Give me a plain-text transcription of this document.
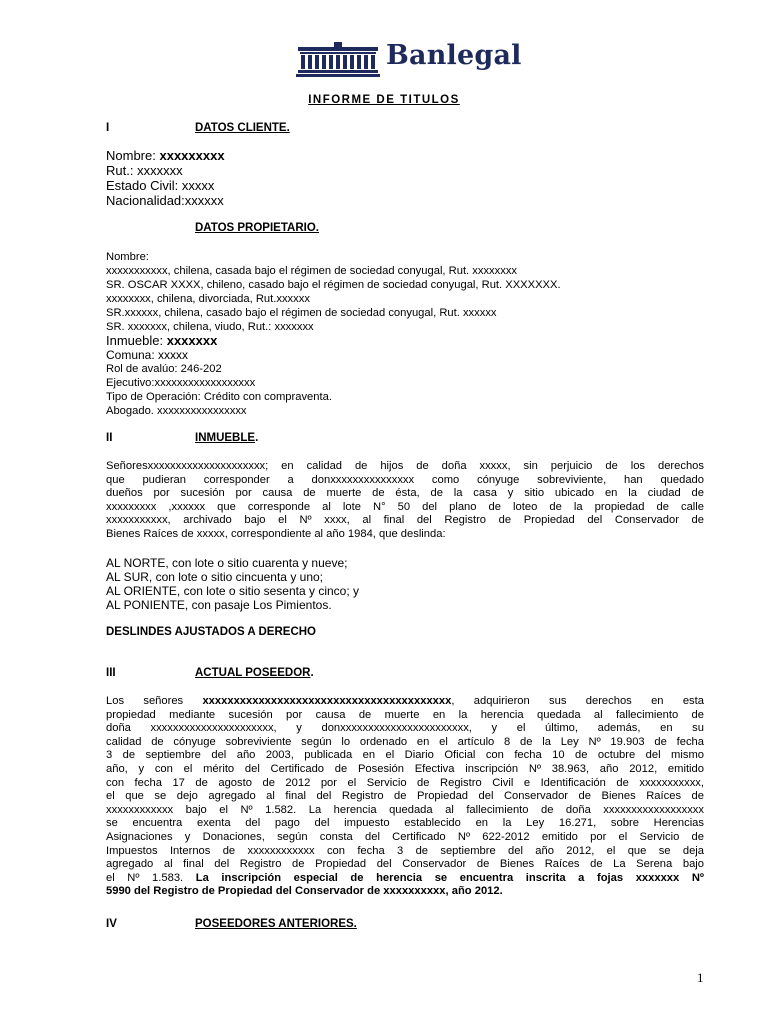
Banlegal
INFORME DE TITULOS
I	DATOS CLIENTE.
Nombre: xxxxxxxxx
Rut.: xxxxxxx
Estado Civil: xxxxx
Nacionalidad:xxxxxx
DATOS PROPIETARIO.
Nombre:
xxxxxxxxxxx, chilena, casada bajo el régimen de sociedad conyugal, Rut. xxxxxxxx
SR. OSCAR XXXX, chileno, casado bajo el régimen de sociedad conyugal, Rut. XXXXXXX.
xxxxxxxx, chilena, divorciada, Rut.xxxxxx
SR.xxxxxx, chilena, casado bajo el régimen de sociedad conyugal, Rut. xxxxxx
SR. xxxxxxx, chilena, viudo, Rut.: xxxxxxx
Inmueble: xxxxxxx
Comuna: xxxxx
Rol de avalúo: 246-202
Ejecutivo:xxxxxxxxxxxxxxxxxx
Tipo de Operación: Crédito con compraventa.
Abogado. xxxxxxxxxxxxxxxx
II	INMUEBLE.
Señoresxxxxxxxxxxxxxxxxxxxxx; en calidad de hijos de doña xxxxx, sin perjuicio de los derechos
que pudieran corresponder a donxxxxxxxxxxxxxxx como cónyuge sobreviviente, han quedado
dueños por sucesión por causa de muerte de ésta, de la casa y sitio ubicado en la ciudad de
xxxxxxxxx ,xxxxxx que corresponde al lote N° 50 del plano de loteo de la propiedad de calle
xxxxxxxxxxx, archivado bajo el Nº xxxx, al final del Registro de Propiedad del Conservador de
Bienes Raíces de xxxxx, correspondiente al año 1984, que deslinda:
AL NORTE, con lote o sitio cuarenta y nueve;
AL SUR, con lote o sitio cincuenta y uno;
AL ORIENTE, con lote o sitio sesenta y cinco; y
AL PONIENTE, con pasaje Los Pimientos.
DESLINDES AJUSTADOS A DERECHO
III	ACTUAL POSEEDOR.
Los señores xxxxxxxxxxxxxxxxxxxxxxxxxxxxxxxxxxxxxxxx, adquirieron sus derechos en esta
propiedad mediante sucesión por causa de muerte en la herencia quedada al fallecimiento de
doña xxxxxxxxxxxxxxxxxxxxxx, y donxxxxxxxxxxxxxxxxxxxxxxx, y el último, además, en su
calidad de cónyuge sobreviviente según lo ordenado en el artículo 8 de la Ley Nº 19.903 de fecha
3 de septiembre del año 2003, publicada en el Diario Oficial con fecha 10 de octubre del mismo
año, y con el mérito del Certificado de Posesión Efectiva inscripción Nº 38.963, año 2012, emitido
con fecha 17 de agosto de 2012 por el Servicio de Registro Civil e Identificación de xxxxxxxxxxx,
el que se dejo agregado al final del Registro de Propiedad del Conservador de Bienes Raíces de
xxxxxxxxxxxx bajo el Nº 1.582. La herencia quedada al fallecimiento de doña xxxxxxxxxxxxxxxxxx
se encuentra exenta del pago del impuesto establecido en la Ley 16.271, sobre Herencias
Asignaciones y Donaciones, según consta del Certificado Nº 622-2012 emitido por el Servicio de
Impuestos Internos de xxxxxxxxxxxx con fecha 3 de septiembre del año 2012, el que se deja
agregado al final del Registro de Propiedad del Conservador de Bienes Raíces de La Serena bajo
el Nº 1.583. La inscripción especial de herencia se encuentra inscrita a fojas xxxxxxx Nº
5990 del Registro de Propiedad del Conservador de xxxxxxxxxx, año 2012.
IV	POSEEDORES ANTERIORES.
1
